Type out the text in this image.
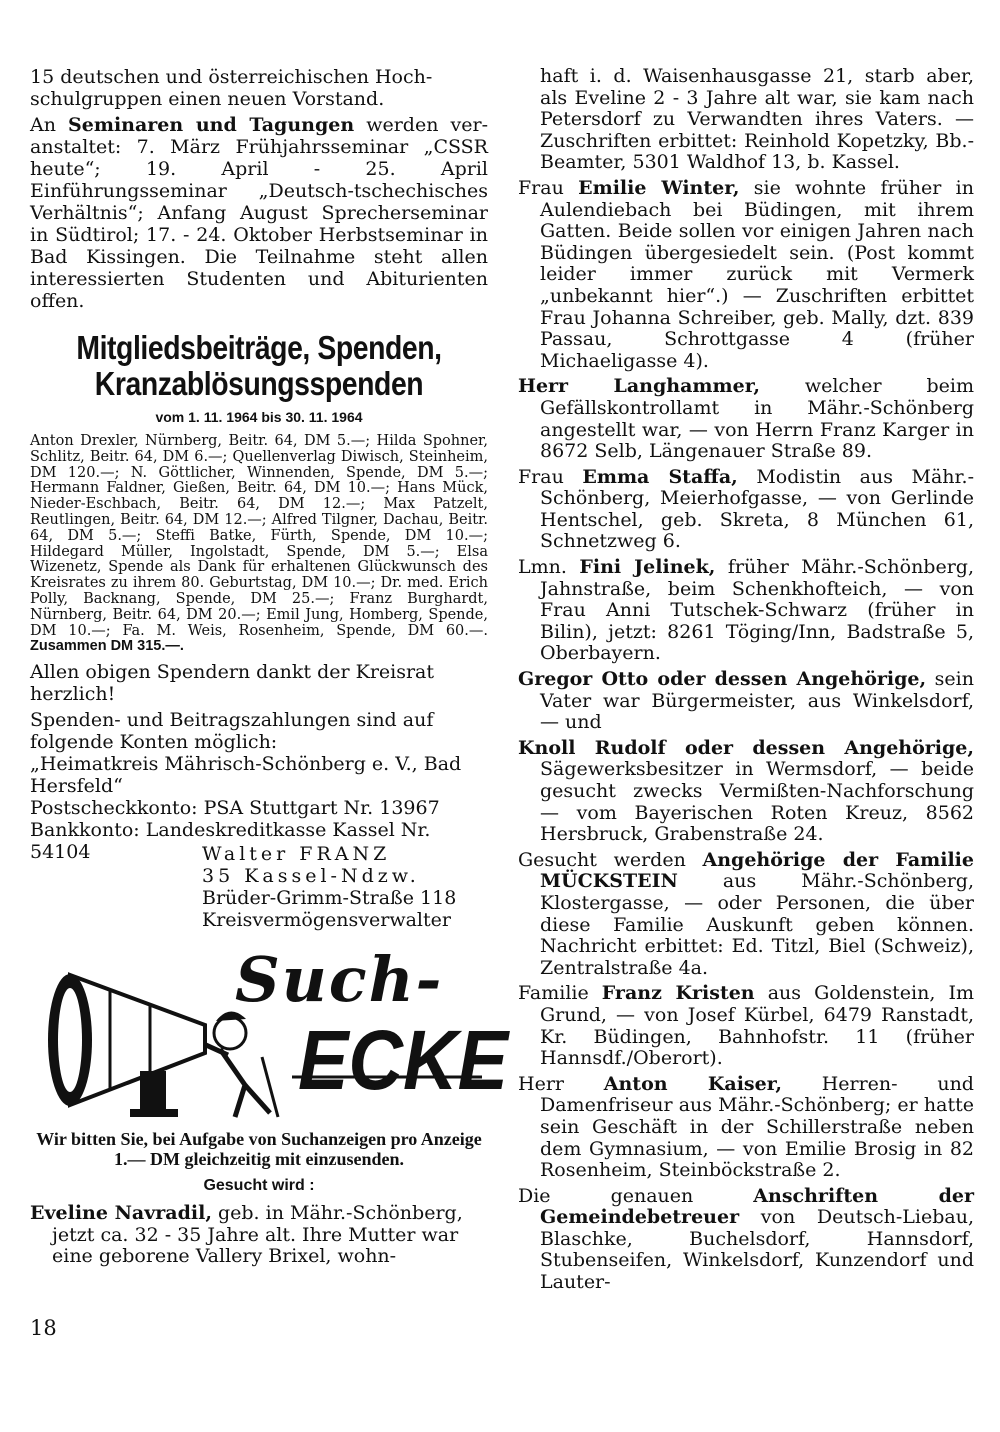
15 deutschen und österreichischen Hoch-
schulgruppen einen neuen Vorstand.

An Seminaren und Tagungen werden ver- anstaltet: 7. März Frühjahrsseminar „CSSR heute“; 19. April - 25. April Einführungsseminar „Deutsch-tschechisches Verhältnis“; Anfang August Sprecherseminar in Südtirol; 17. - 24. Oktober Herbstseminar in Bad Kissingen. Die Teilnahme steht allen interessierten Studenten und Abiturienten offen.

Mitgliedsbeiträge, Spenden,
Kranzablösungsspenden
vom 1. 11. 1964 bis 30. 11. 1964

Anton Drexler, Nürnberg, Beitr. 64, DM 5.—; Hilda Spohner, Schlitz, Beitr. 64, DM 6.—; Quellenverlag Diwisch, Steinheim, DM 120.—; N. Göttlicher, Winnenden, Spende, DM 5.—; Hermann Faldner, Gießen, Beitr. 64, DM 10.—; Hans Mück, Nieder-Eschbach, Beitr. 64, DM 12.—; Max Patzelt, Reutlingen, Beitr. 64, DM 12.—; Alfred Tilgner, Dachau, Beitr. 64, DM 5.—; Steffi Batke, Fürth, Spende, DM 10.—; Hildegard Müller, Ingolstadt, Spende, DM 5.—; Elsa Wizenetz, Spende als Dank für erhaltenen Glückwunsch des Kreisrates zu ihrem 80. Geburtstag, DM 10.—; Dr. med. Erich Polly, Backnang, Spende, DM 25.—; Franz Burghardt, Nürnberg, Beitr. 64, DM 20.—; Emil Jung, Homberg, Spende, DM 10.—; Fa. M. Weis, Rosenheim, Spende, DM 60.—. Zusammen DM 315.—.

Allen obigen Spendern dankt der Kreisrat herzlich!

Spenden- und Beitragszahlungen sind auf folgende Konten möglich:

„Heimatkreis Mährisch-Schönberg e. V., Bad Hersfeld“

Postscheckkonto: PSA Stuttgart Nr. 13967

Bankkonto: Landeskreditkasse Kassel Nr.

54104	Walter FRANZ
35 Kassel-Ndzw.
Brüder-Grimm-Straße 118
Kreisvermögensverwalter
Such-
ECKE
Wir bitten Sie, bei Aufgabe von Suchanzeigen pro Anzeige 1.— DM gleichzeitig mit einzusenden.
Gesucht wird :

Eveline Navradil, geb. in Mähr.-Schönberg, jetzt ca. 32 - 35 Jahre alt. Ihre Mutter war eine geborene Vallery Brixel, wohn-

haft i. d. Waisenhausgasse 21, starb aber, als Eveline 2 - 3 Jahre alt war, sie kam nach Petersdorf zu Verwandten ihres Vaters. — Zuschriften erbittet: Reinhold Kopetzky, Bb.-Beamter, 5301 Waldhof 13, b. Kassel.

Frau Emilie Winter, sie wohnte früher in Aulendiebach bei Büdingen, mit ihrem Gatten. Beide sollen vor einigen Jahren nach Büdingen übergesiedelt sein. (Post kommt leider immer zurück mit Vermerk „unbekannt hier“.) — Zuschriften erbittet Frau Johanna Schreiber, geb. Mally, dzt. 839 Passau, Schrottgasse 4 (früher Michaeligasse 4).

Herr Langhammer, welcher beim Gefällskontrollamt in Mähr.-Schönberg angestellt war, — von Herrn Franz Karger in 8672 Selb, Längenauer Straße 89.

Frau Emma Staffa, Modistin aus Mähr.-Schönberg, Meierhofgasse, — von Gerlinde Hentschel, geb. Skreta, 8 München 61, Schnetzweg 6.

Lmn. Fini Jelinek, früher Mähr.-Schönberg, Jahnstraße, beim Schenkhofteich, — von Frau Anni Tutschek-Schwarz (früher in Bilin), jetzt: 8261 Töging/Inn, Badstraße 5, Oberbayern.

Gregor Otto oder dessen Angehörige, sein Vater war Bürgermeister, aus Winkelsdorf, — und

Knoll Rudolf oder dessen Angehörige, Sägewerksbesitzer in Wermsdorf, — beide gesucht zwecks Vermißten-Nachforschung — vom Bayerischen Roten Kreuz, 8562 Hersbruck, Grabenstraße 24.

Gesucht werden Angehörige der Familie MÜCKSTEIN aus Mähr.-Schönberg, Klostergasse, — oder Personen, die über diese Familie Auskunft geben können. Nachricht erbittet: Ed. Titzl, Biel (Schweiz), Zentralstraße 4a.

Familie Franz Kristen aus Goldenstein, Im Grund, — von Josef Kürbel, 6479 Ranstadt, Kr. Büdingen, Bahnhofstr. 11 (früher Hannsdf./Oberort).

Herr Anton Kaiser, Herren- und Damenfriseur aus Mähr.-Schönberg; er hatte sein Geschäft in der Schillerstraße neben dem Gymnasium, — von Emilie Brosig in 82 Rosenheim, Steinböckstraße 2.

Die genauen Anschriften der Gemeindebetreuer von Deutsch-Liebau, Blaschke, Buchelsdorf, Hannsdorf, Stubenseifen, Winkelsdorf, Kunzendorf und Lauter-

18
